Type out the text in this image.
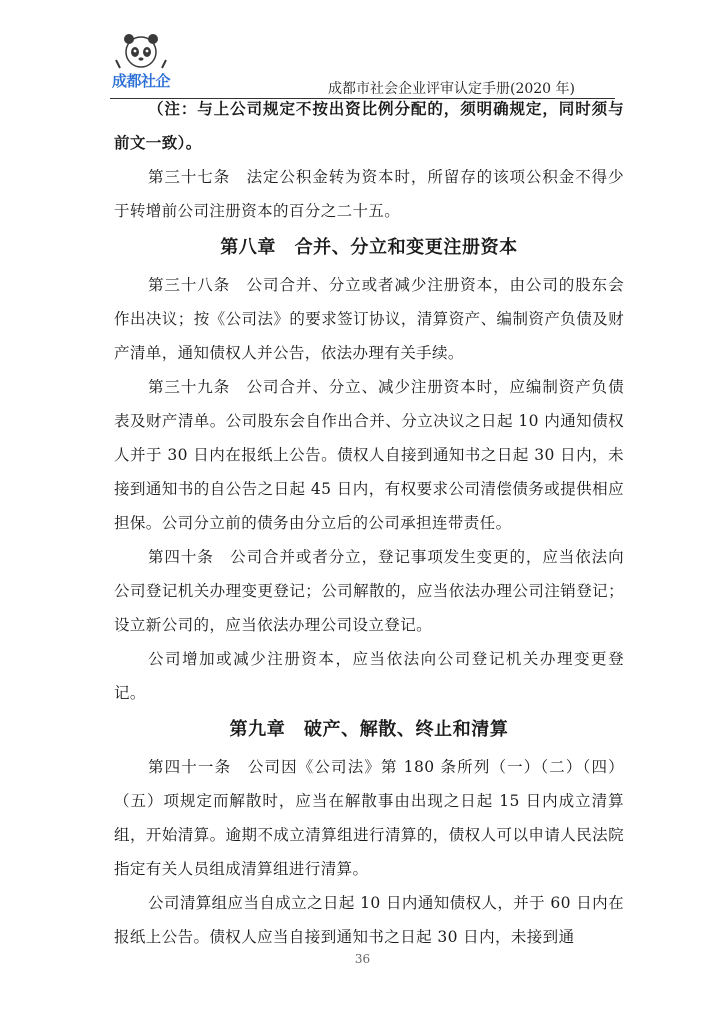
成都社企	成都市社会企业评审认定手册(2020 年)

（注：与上公司规定不按出资比例分配的，须明确规定，同时须与前文一致）。

第三十七条　法定公积金转为资本时，所留存的该项公积金不得少于转增前公司注册资本的百分之二十五。

第八章　合并、分立和变更注册资本

第三十八条　公司合并、分立或者减少注册资本，由公司的股东会作出决议；按《公司法》的要求签订协议，清算资产、编制资产负债及财产清单，通知债权人并公告，依法办理有关手续。

第三十九条　公司合并、分立、减少注册资本时，应编制资产负债表及财产清单。公司股东会自作出合并、分立决议之日起 10 内通知债权人并于 30 日内在报纸上公告。债权人自接到通知书之日起 30 日内，未接到通知书的自公告之日起 45 日内，有权要求公司清偿债务或提供相应担保。公司分立前的债务由分立后的公司承担连带责任。

第四十条　公司合并或者分立，登记事项发生变更的，应当依法向公司登记机关办理变更登记；公司解散的，应当依法办理公司注销登记；设立新公司的，应当依法办理公司设立登记。

公司增加或减少注册资本，应当依法向公司登记机关办理变更登记。

第九章　破产、解散、终止和清算

第四十一条　公司因《公司法》第 180 条所列（一）（二）（四）（五）项规定而解散时，应当在解散事由出现之日起 15 日内成立清算组，开始清算。逾期不成立清算组进行清算的，债权人可以申请人民法院指定有关人员组成清算组进行清算。

公司清算组应当自成立之日起 10 日内通知债权人，并于 60 日内在报纸上公告。债权人应当自接到通知书之日起 30 日内，未接到通

36
